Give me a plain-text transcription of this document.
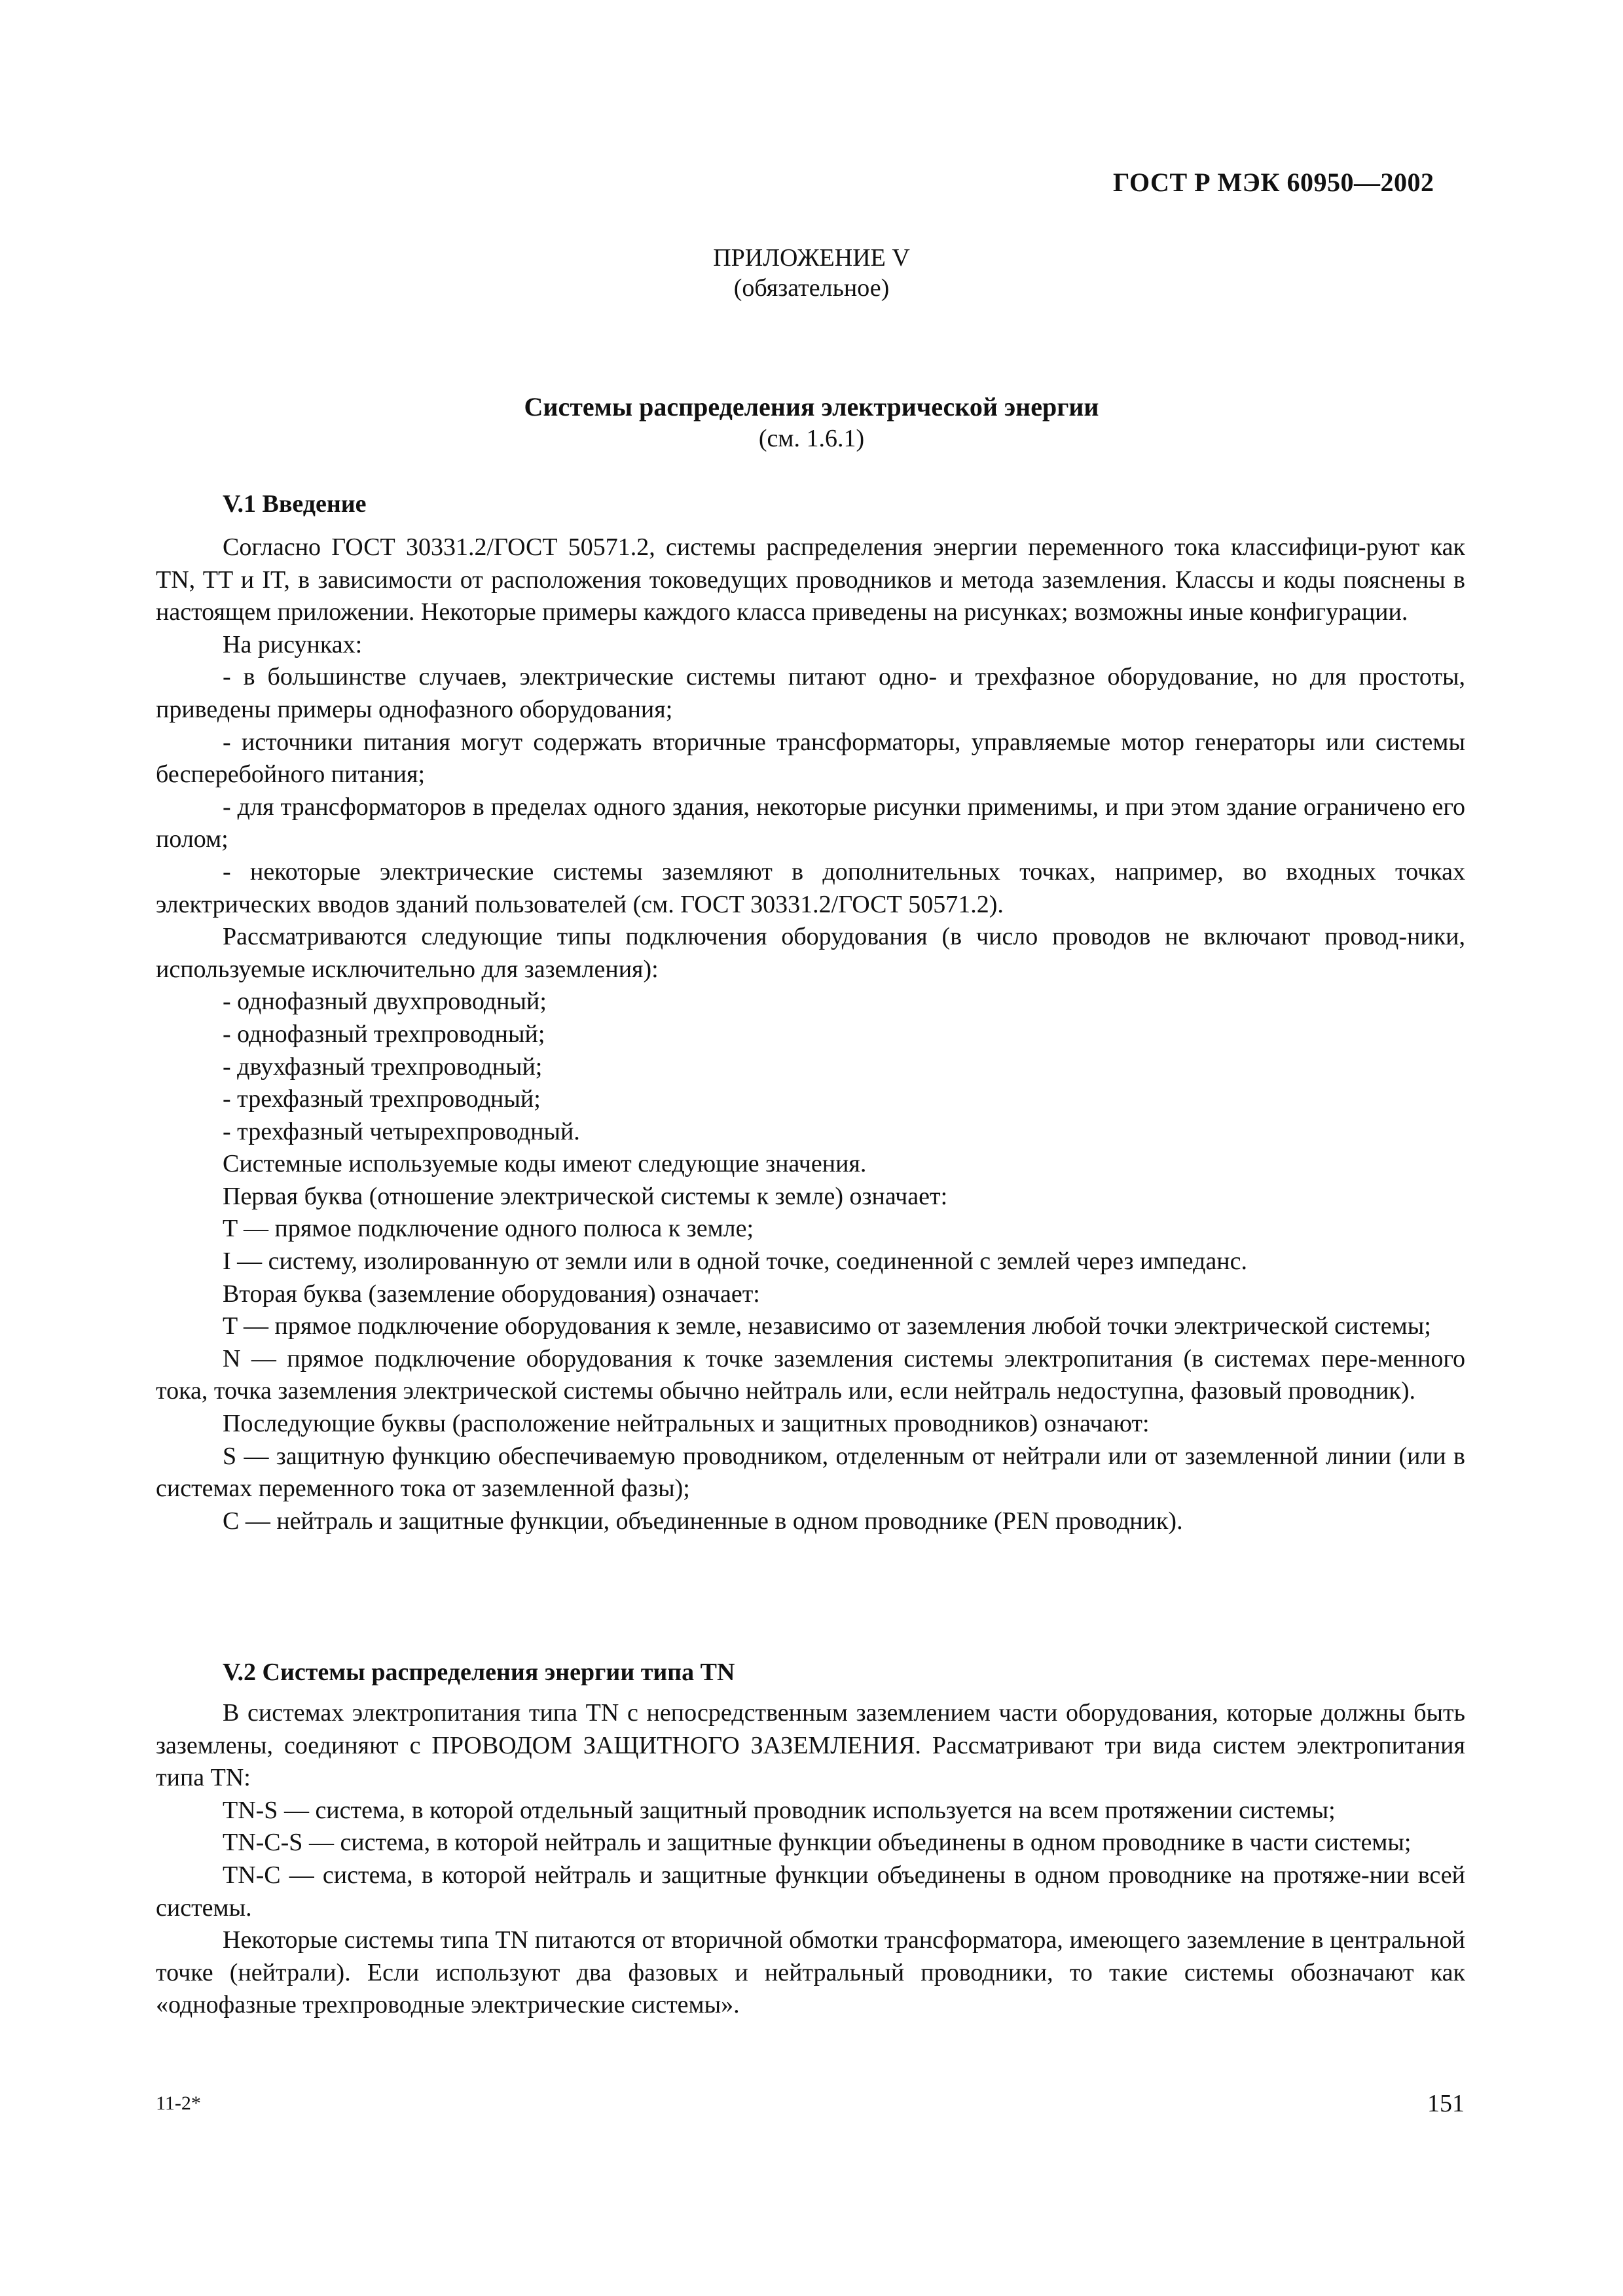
ГОСТ Р МЭК 60950—2002
ПРИЛОЖЕНИЕ V
(обязательное)
Системы распределения электрической энергии
(см. 1.6.1)
V.1 Введение

Согласно ГОСТ 30331.2/ГОСТ 50571.2, системы распределения энергии переменного тока классифици-руют как TN, TT и IT, в зависимости от расположения токоведущих проводников и метода заземления. Классы и коды пояснены в настоящем приложении. Некоторые примеры каждого класса приведены на рисунках; возможны иные конфигурации.

На рисунках:

- в большинстве случаев, электрические системы питают одно- и трехфазное оборудование, но для простоты, приведены примеры однофазного оборудования;

- источники питания могут содержать вторичные трансформаторы, управляемые мотор генераторы или системы бесперебойного питания;

- для трансформаторов в пределах одного здания, некоторые рисунки применимы, и при этом здание ограничено его полом;

- некоторые электрические системы заземляют в дополнительных точках, например, во входных точках электрических вводов зданий пользователей (см. ГОСТ 30331.2/ГОСТ 50571.2).

Рассматриваются следующие типы подключения оборудования (в число проводов не включают провод-ники, используемые исключительно для заземления):

- однофазный двухпроводный;

- однофазный трехпроводный;

- двухфазный трехпроводный;

- трехфазный трехпроводный;

- трехфазный четырехпроводный.

Системные используемые коды имеют следующие значения.

Первая буква (отношение электрической системы к земле) означает:

T — прямое подключение одного полюса к земле;

I — систему, изолированную от земли или в одной точке, соединенной с землей через импеданс.

Вторая буква (заземление оборудования) означает:

T — прямое подключение оборудования к земле, независимо от заземления любой точки электрической системы;

N — прямое подключение оборудования к точке заземления системы электропитания (в системах пере-менного тока, точка заземления электрической системы обычно нейтраль или, если нейтраль недоступна, фазовый проводник).

Последующие буквы (расположение нейтральных и защитных проводников) означают:

S — защитную функцию обеспечиваемую проводником, отделенным от нейтрали или от заземленной линии (или в системах переменного тока от заземленной фазы);

C — нейтраль и защитные функции, объединенные в одном проводнике (PEN проводник).

V.2 Системы распределения энергии типа TN

В системах электропитания типа TN с непосредственным заземлением части оборудования, которые должны быть заземлены, соединяют с ПРОВОДОМ ЗАЩИТНОГО ЗАЗЕМЛЕНИЯ. Рассматривают три вида систем электропитания типа TN:

TN-S — система, в которой отдельный защитный проводник используется на всем протяжении системы;

TN-C-S — система, в которой нейтраль и защитные функции объединены в одном проводнике в части системы;

TN-C — система, в которой нейтраль и защитные функции объединены в одном проводнике на протяже-нии всей системы.

Некоторые системы типа TN питаются от вторичной обмотки трансформатора, имеющего заземление в центральной точке (нейтрали). Если используют два фазовых и нейтральный проводники, то такие системы обозначают как «однофазные трехпроводные электрические системы».

11-2*	151
